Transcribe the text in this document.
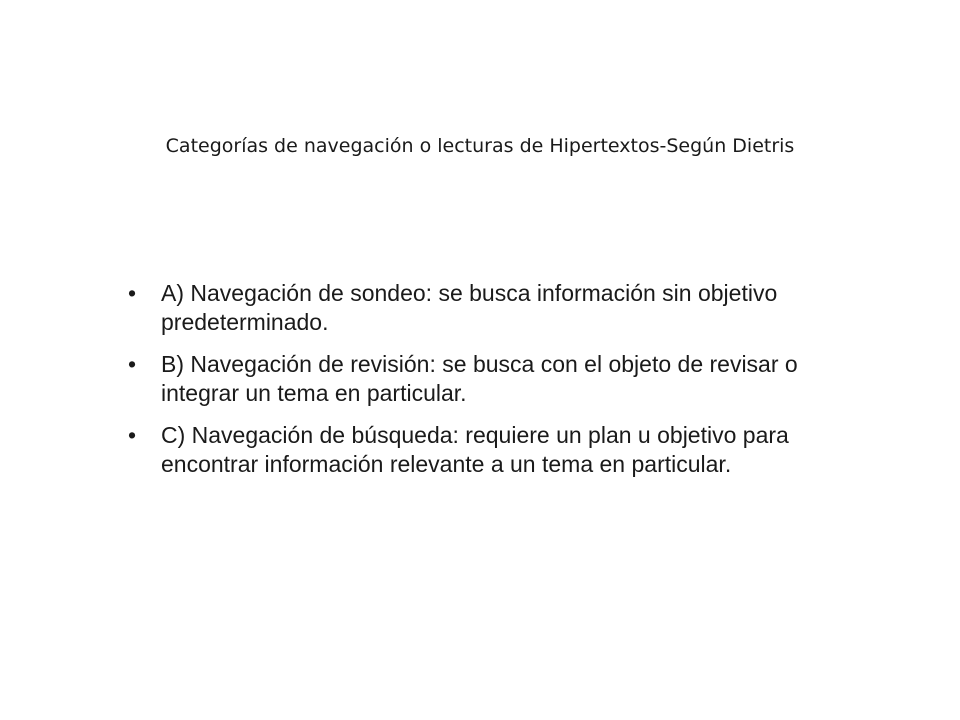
Categorías de navegación o lecturas de Hipertextos-Según Dietris
• A) Navegación de sondeo: se busca información sin objetivo predeterminado.
• B) Navegación de revisión: se busca con el objeto de revisar o integrar un tema en particular.
• C) Navegación de búsqueda: requiere un plan u objetivo para encontrar información relevante a un tema en particular.
